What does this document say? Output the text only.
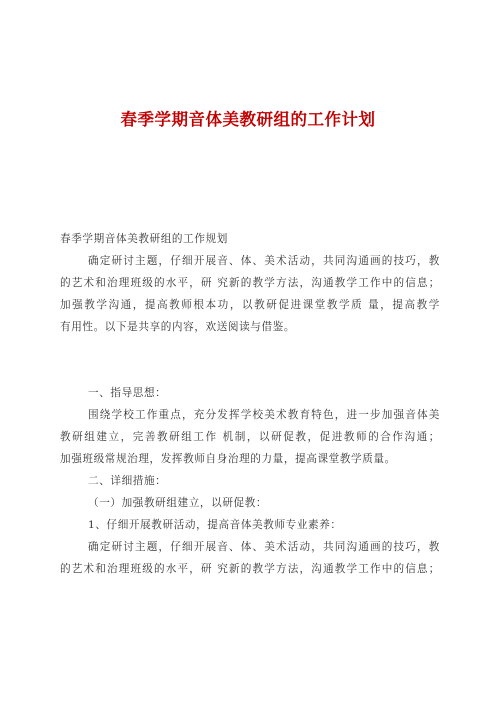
春季学期音体美教研组的工作计划
春季学期音体美教研组的工作规划
确定研讨主题，仔细开展音、体、美术活动，共同沟通画的技巧，教
的艺术和治理班级的水平，研 究新的教学方法，沟通教学工作中的信息；
加强教学沟通，提高教师根本功，以教研促进课堂教学质 量，提高教学
有用性。以下是共享的内容，欢送阅读与借鉴。
一、指导思想：
围绕学校工作重点，充分发挥学校美术教育特色，进一步加强音体美
教研组建立，完善教研组工作 机制，以研促教，促进教师的合作沟通；
加强班级常规治理，发挥教师自身治理的力量，提高课堂教学质量。
二、详细措施：
（一）加强教研组建立，以研促教：
1、仔细开展教研活动，提高音体美教师专业素养：
确定研讨主题，仔细开展音、体、美术活动，共同沟通画的技巧，教
的艺术和治理班级的水平，研 究新的教学方法，沟通教学工作中的信息；
